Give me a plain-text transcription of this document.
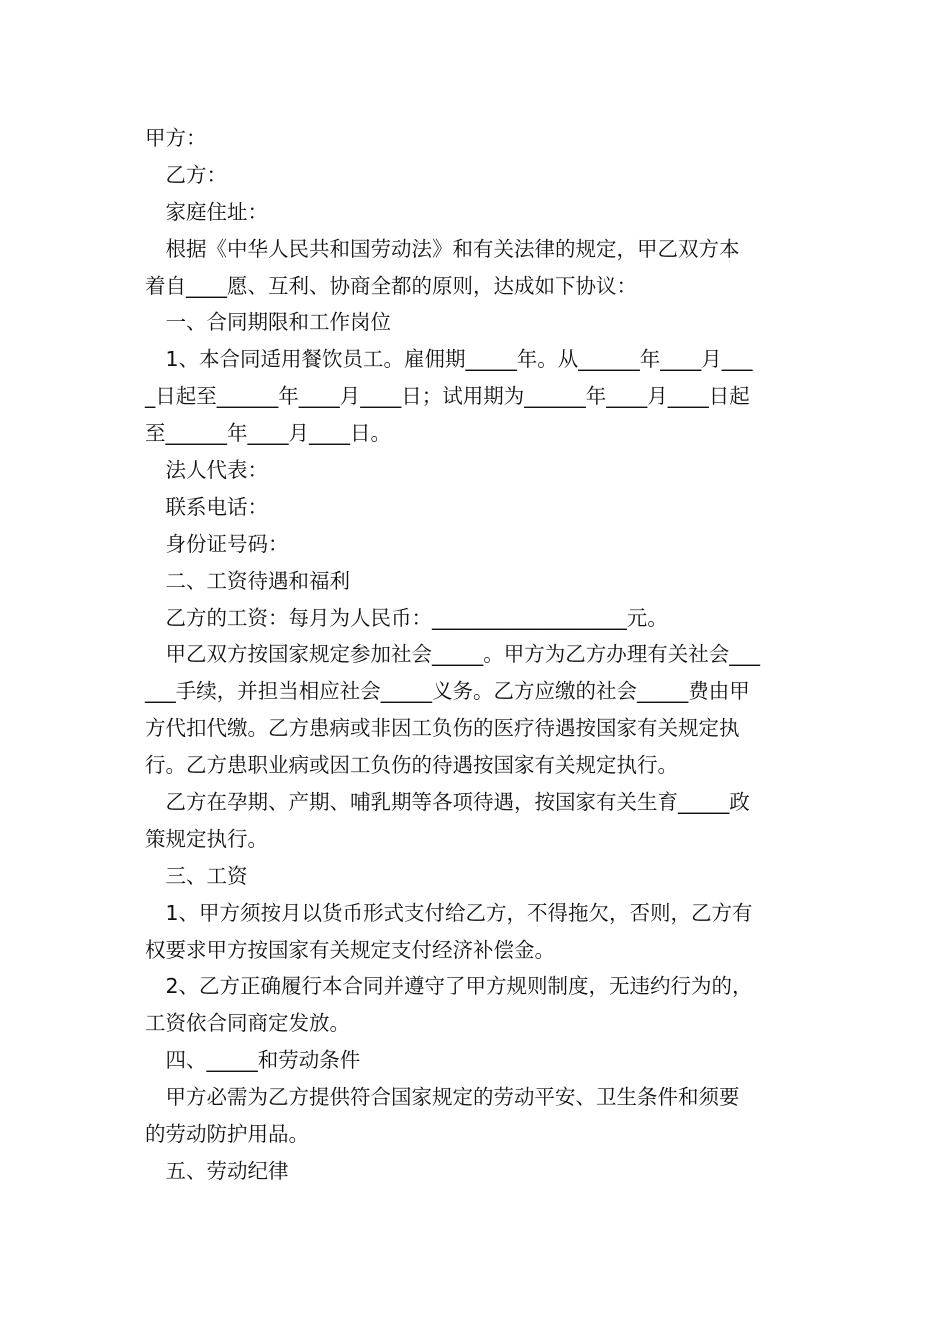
甲方：
　乙方：
　家庭住址：
　根据《中华人民共和国劳动法》和有关法律的规定，甲乙双方本
着自____愿、互利、协商全都的原则，达成如下协议：
　一、合同期限和工作岗位
　1、本合同适用餐饮员工。雇佣期_____年。从______年____月___
_日起至______年____月____日；试用期为______年____月____日起
至______年____月____日。
　法人代表：
　联系电话：
　身份证号码：
　二、工资待遇和福利
　乙方的工资：每月为人民币：___________________元。
　甲乙双方按国家规定参加社会_____。甲方为乙方办理有关社会___
___手续，并担当相应社会_____义务。乙方应缴的社会_____费由甲
方代扣代缴。乙方患病或非因工负伤的医疗待遇按国家有关规定执
行。乙方患职业病或因工负伤的待遇按国家有关规定执行。
　乙方在孕期、产期、哺乳期等各项待遇，按国家有关生育_____政
策规定执行。
　三、工资
　1、甲方须按月以货币形式支付给乙方，不得拖欠，否则，乙方有
权要求甲方按国家有关规定支付经济补偿金。
　2、乙方正确履行本合同并遵守了甲方规则制度，无违约行为的，
工资依合同商定发放。
　四、_____和劳动条件
　甲方必需为乙方提供符合国家规定的劳动平安、卫生条件和须要
的劳动防护用品。
　五、劳动纪律
